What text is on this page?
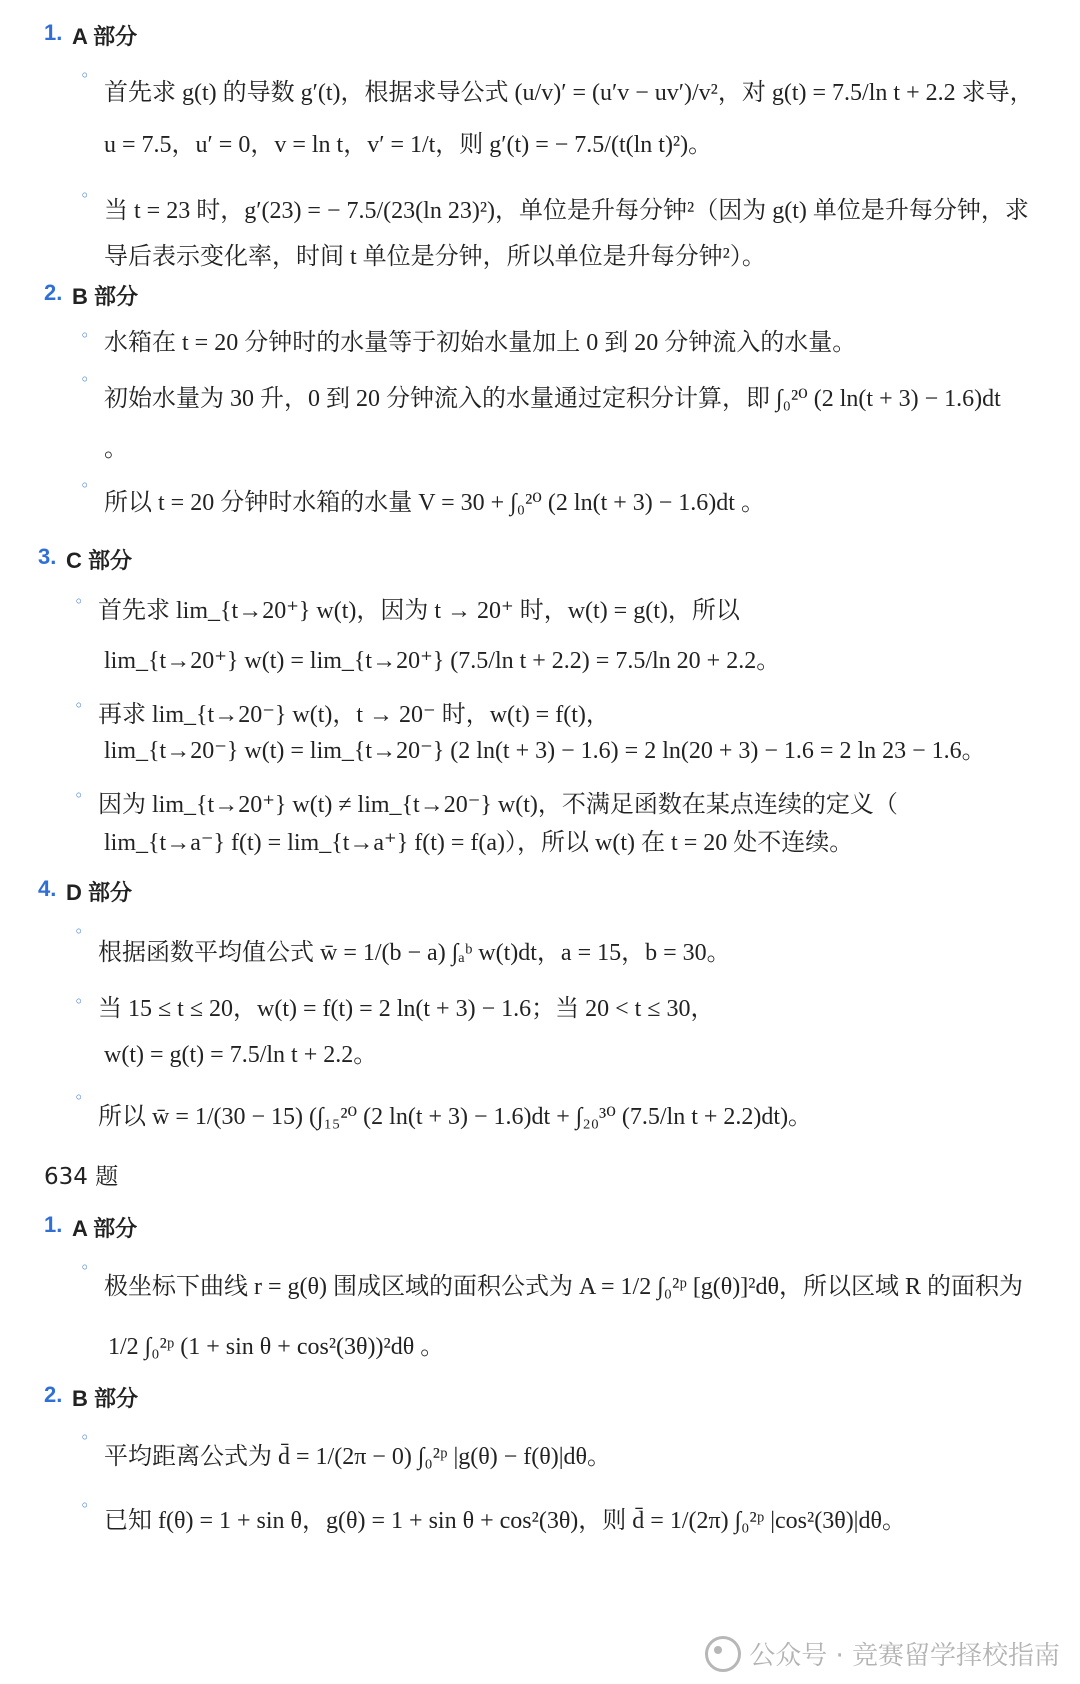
1. A 部分
◦
首先求 g(t) 的导数 g′(t)，根据求导公式 (u/v)′ = (u′v − uv′)/v²，对 g(t) = 7.5/ln t + 2.2 求导，
u = 7.5，u′ = 0，v = ln t，v′ = 1/t，则 g′(t) = − 7.5/(t(ln t)²)。
◦
当 t = 23 时，g′(23) = − 7.5/(23(ln 23)²)，单位是升每分钟²（因为 g(t) 单位是升每分钟，求
导后表示变化率，时间 t 单位是分钟，所以单位是升每分钟²）。
2. B 部分
◦ 水箱在 t = 20 分钟时的水量等于初始水量加上 0 到 20 分钟流入的水量。
◦
初始水量为 30 升，0 到 20 分钟流入的水量通过定积分计算，即 ∫₀²⁰ (2 ln(t + 3) − 1.6)dt
。
◦
所以 t = 20 分钟时水箱的水量 V = 30 + ∫₀²⁰ (2 ln(t + 3) − 1.6)dt 。
3. C 部分
◦ 首先求 lim_{t→20⁺} w(t)，因为 t → 20⁺ 时，w(t) = g(t)，所以
lim_{t→20⁺} w(t) = lim_{t→20⁺} (7.5/ln t + 2.2) = 7.5/ln 20 + 2.2。
◦ 再求 lim_{t→20⁻} w(t)，t → 20⁻ 时，w(t) = f(t)，
lim_{t→20⁻} w(t) = lim_{t→20⁻} (2 ln(t + 3) − 1.6) = 2 ln(20 + 3) − 1.6 = 2 ln 23 − 1.6。
◦ 因为 lim_{t→20⁺} w(t) ≠ lim_{t→20⁻} w(t)，不满足函数在某点连续的定义（
lim_{t→a⁻} f(t) = lim_{t→a⁺} f(t) = f(a)），所以 w(t) 在 t = 20 处不连续。
4. D 部分
◦
根据函数平均值公式 w̄ = 1/(b − a) ∫ₐᵇ w(t)dt，a = 15，b = 30。
◦ 当 15 ≤ t ≤ 20，w(t) = f(t) = 2 ln(t + 3) − 1.6；当 20 < t ≤ 30，
w(t) = g(t) = 7.5/ln t + 2.2。
◦
所以 w̄ = 1/(30 − 15) (∫₁₅²⁰ (2 ln(t + 3) − 1.6)dt + ∫₂₀³⁰ (7.5/ln t + 2.2)dt)。
634 题
1. A 部分
◦
极坐标下曲线 r = g(θ) 围成区域的面积公式为 A = 1/2 ∫₀²ᵖ [g(θ)]²dθ，所以区域 R 的面积为
1/2 ∫₀²ᵖ (1 + sin θ + cos²(3θ))²dθ 。
2. B 部分
◦
平均距离公式为 d̄ = 1/(2π − 0) ∫₀²ᵖ |g(θ) − f(θ)|dθ。
◦
已知 f(θ) = 1 + sin θ，g(θ) = 1 + sin θ + cos²(3θ)，则 d̄ = 1/(2π) ∫₀²ᵖ |cos²(3θ)|dθ。
公众号 · 竞赛留学择校指南
